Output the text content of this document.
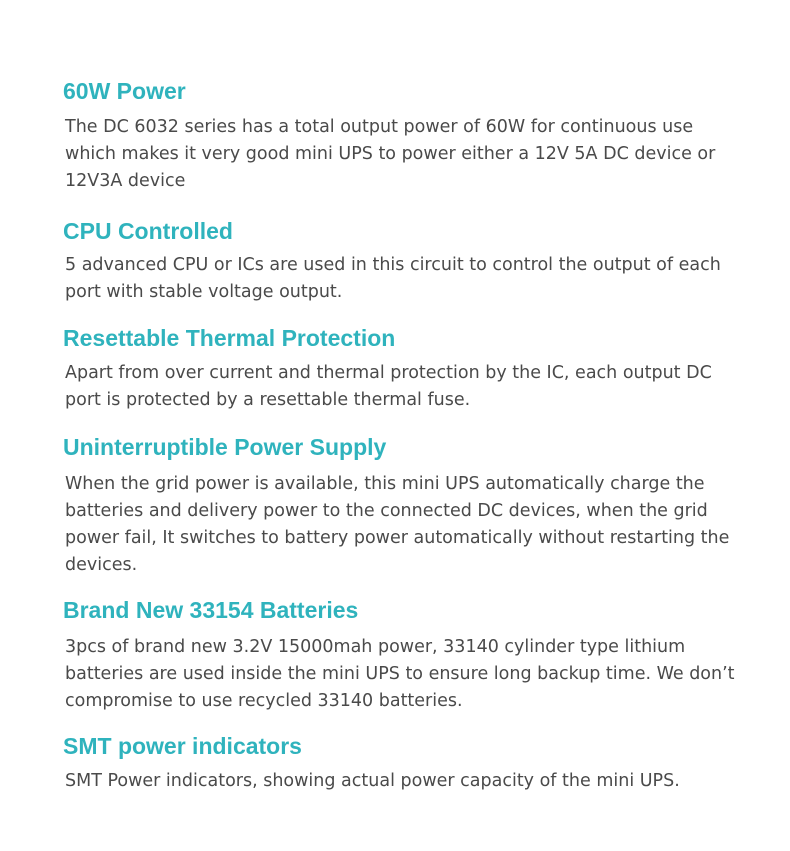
60W Power

The DC 6032 series has a total output power of 60W for continuous use which makes it very good mini UPS to power either a 12V 5A DC device or 12V3A device

CPU Controlled

5 advanced CPU or ICs are used in this circuit to control the output of each port with stable voltage output.

Resettable Thermal Protection

Apart from over current and thermal protection by the IC, each output DC port is protected by a resettable thermal fuse.

Uninterruptible Power Supply

When the grid power is available, this mini UPS automatically charge the batteries and delivery power to the connected DC devices, when the grid power fail, It switches to battery power automatically without restarting the devices.

Brand New 33154 Batteries

3pcs of brand new 3.2V 15000mah power, 33140 cylinder type lithium batteries are used inside the mini UPS to ensure long backup time. We don’t compromise to use recycled 33140 batteries.

SMT power indicators

SMT Power indicators, showing actual power capacity of the mini UPS.
